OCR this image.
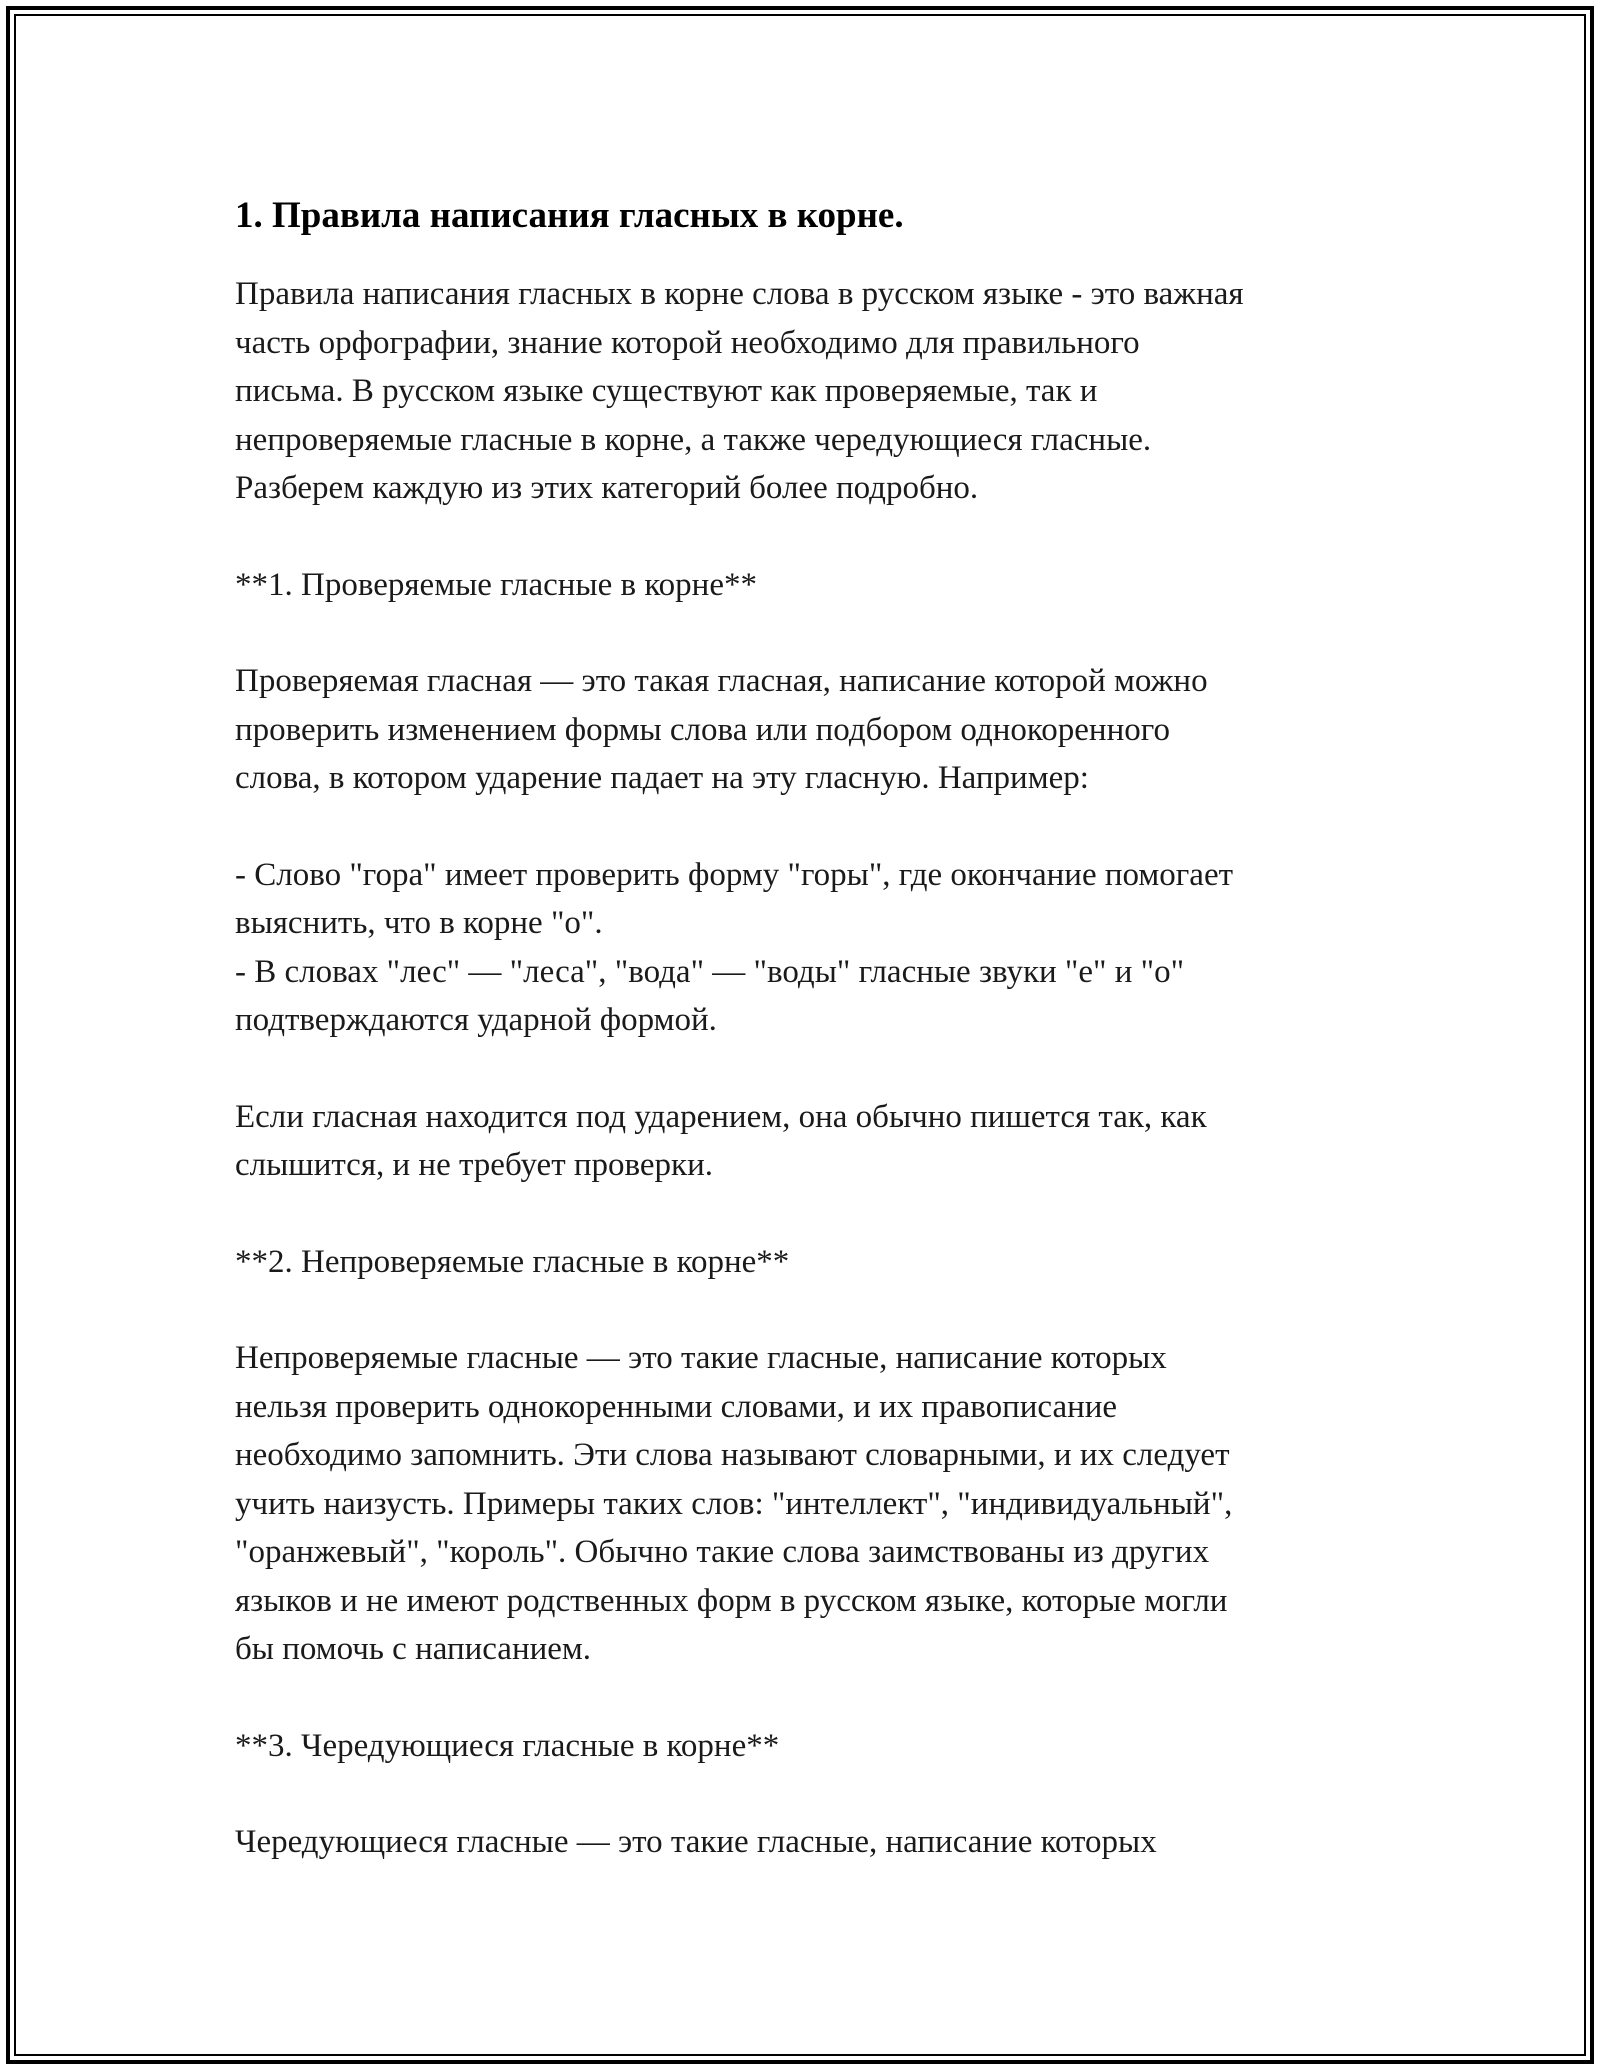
1. Правила написания гласных в корне.
Правила написания гласных в корне слова в русском языке - это важная
часть орфографии, знание которой необходимо для правильного
письма. В русском языке существуют как проверяемые, так и
непроверяемые гласные в корне, а также чередующиеся гласные.
Разберем каждую из этих категорий более подробно.
**1. Проверяемые гласные в корне**
Проверяемая гласная — это такая гласная, написание которой можно
проверить изменением формы слова или подбором однокоренного
слова, в котором ударение падает на эту гласную. Например:
- Слово "гора" имеет проверить форму "горы", где окончание помогает
выяснить, что в корне "о".
- В словах "лес" — "леса", "вода" — "воды" гласные звуки "е" и "о"
подтверждаются ударной формой.
Если гласная находится под ударением, она обычно пишется так, как
слышится, и не требует проверки.
**2. Непроверяемые гласные в корне**
Непроверяемые гласные — это такие гласные, написание которых
нельзя проверить однокоренными словами, и их правописание
необходимо запомнить. Эти слова называют словарными, и их следует
учить наизусть. Примеры таких слов: "интеллект", "индивидуальный",
"оранжевый", "король". Обычно такие слова заимствованы из других
языков и не имеют родственных форм в русском языке, которые могли
бы помочь с написанием.
**3. Чередующиеся гласные в корне**
Чередующиеся гласные — это такие гласные, написание которых
